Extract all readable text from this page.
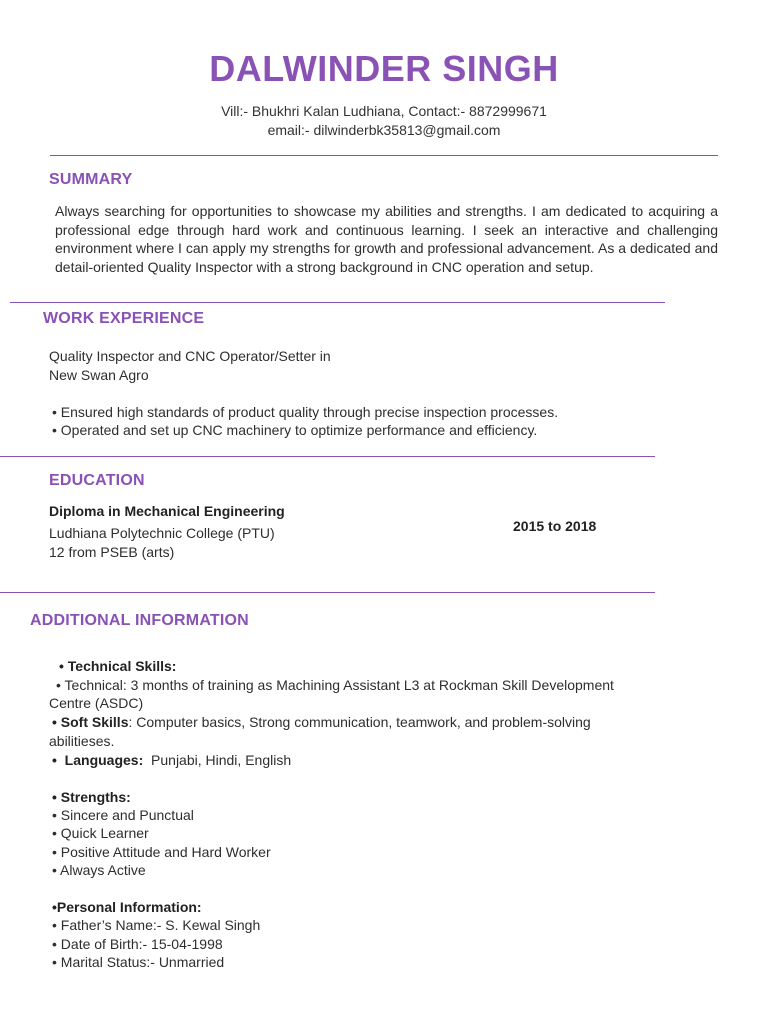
DALWINDER SINGH
Vill:- Bhukhri Kalan Ludhiana, Contact:- 8872999671
email:- dilwinderbk35813@gmail.com
SUMMARY
Always searching for opportunities to showcase my abilities and strengths. I am dedicated to acquiring a professional edge through hard work and continuous learning. I seek an interactive and challenging environment where I can apply my strengths for growth and professional advancement. As a dedicated and detail-oriented Quality Inspector with a strong background in CNC operation and setup.
WORK EXPERIENCE
Quality Inspector and CNC Operator/Setter in
New Swan Agro
• Ensured high standards of product quality through precise inspection processes.
• Operated and set up CNC machinery to optimize performance and efficiency.
EDUCATION
Diploma in Mechanical Engineering
Ludhiana Polytechnic College (PTU)
12 from PSEB (arts)
2015 to 2018
ADDITIONAL INFORMATION
• Technical Skills:
• Technical: 3 months of training as Machining Assistant L3 at Rockman Skill Development
Centre (ASDC)
• Soft Skills: Computer basics, Strong communication, teamwork, and problem-solving
abilitieses.
•  Languages:  Punjabi, Hindi, English
• Strengths:
• Sincere and Punctual
• Quick Learner
• Positive Attitude and Hard Worker
• Always Active
•Personal Information:
• Father’s Name:- S. Kewal Singh
• Date of Birth:- 15-04-1998
• Marital Status:- Unmarried
